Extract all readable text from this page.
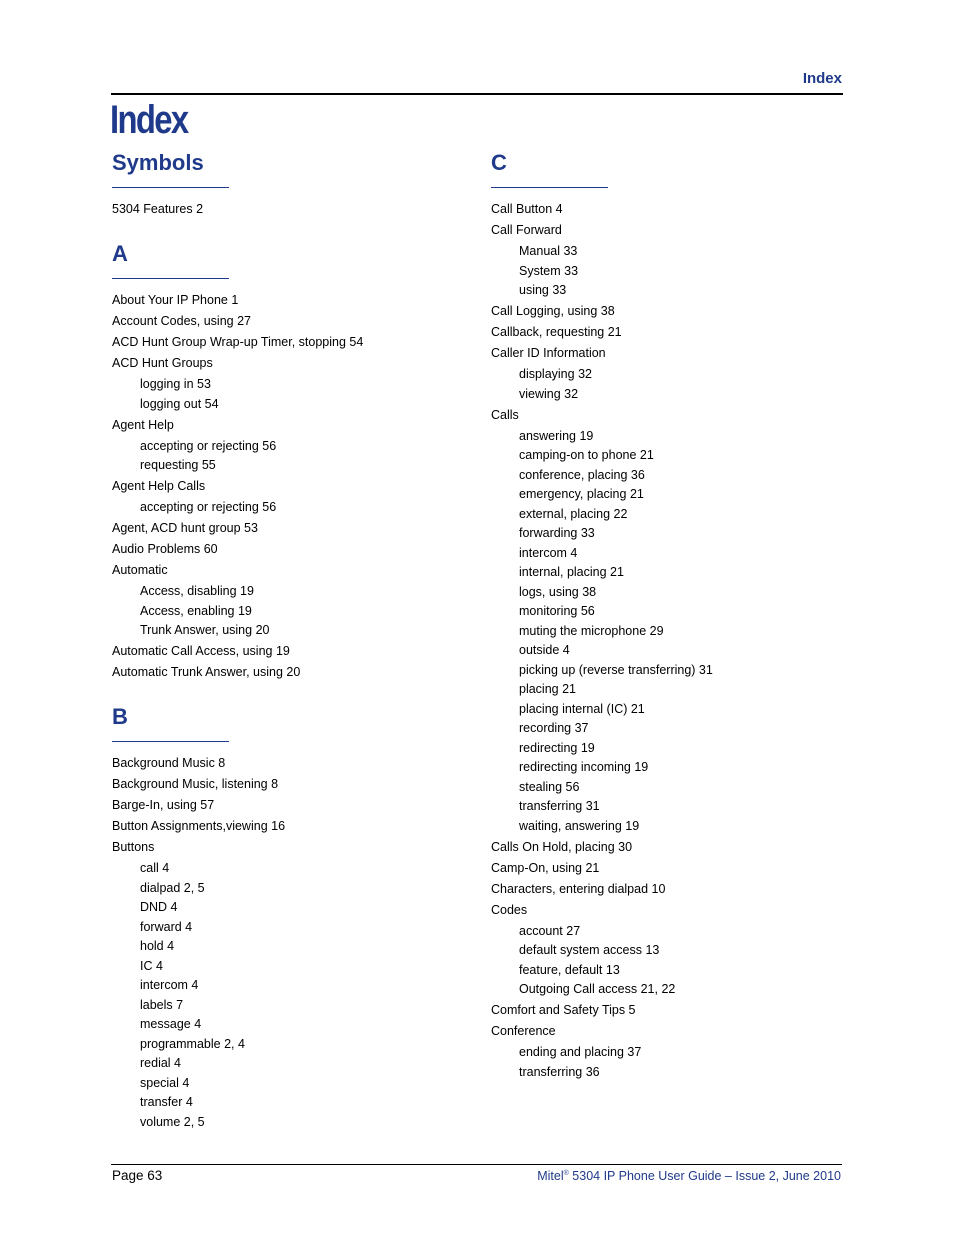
Index
Index
Symbols
5304 Features 2
A
About Your IP Phone 1
Account Codes, using 27
ACD Hunt Group Wrap-up Timer, stopping 54
ACD Hunt Groups
logging in 53
logging out 54
Agent Help
accepting or rejecting 56
requesting 55
Agent Help Calls
accepting or rejecting 56
Agent, ACD hunt group 53
Audio Problems 60
Automatic
Access, disabling 19
Access, enabling 19
Trunk Answer, using 20
Automatic Call Access, using 19
Automatic Trunk Answer, using 20
B
Background Music 8
Background Music, listening 8
Barge-In, using 57
Button Assignments,viewing 16
Buttons
call 4
dialpad 2, 5
DND 4
forward 4
hold 4
IC 4
intercom 4
labels 7
message 4
programmable 2, 4
redial 4
special 4
transfer 4
volume 2, 5
C
Call Button 4
Call Forward
Manual 33
System 33
using 33
Call Logging, using 38
Callback, requesting 21
Caller ID Information
displaying 32
viewing 32
Calls
answering 19
camping-on to phone 21
conference, placing 36
emergency, placing 21
external, placing 22
forwarding 33
intercom 4
internal, placing 21
logs, using 38
monitoring 56
muting the microphone 29
outside 4
picking up (reverse transferring) 31
placing 21
placing internal (IC) 21
recording 37
redirecting 19
redirecting incoming 19
stealing 56
transferring 31
waiting, answering 19
Calls On Hold, placing 30
Camp-On, using 21
Characters, entering dialpad 10
Codes
account 27
default system access 13
feature, default 13
Outgoing Call access 21, 22
Comfort and Safety Tips 5
Conference
ending and placing 37
transferring 36
Page 63	Mitel® 5304 IP Phone User Guide – Issue 2, June 2010
